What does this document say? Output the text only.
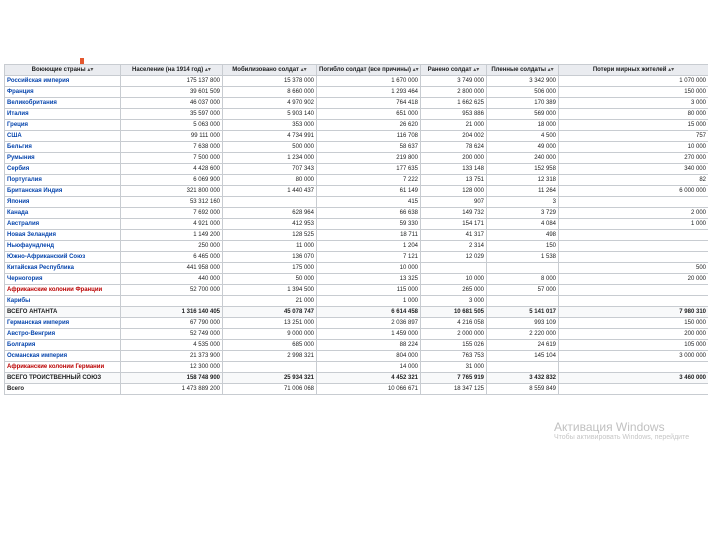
Воюющие страны ▴▾	Население (на 1914 год) ▴▾	Мобилизовано солдат ▴▾	Погибло солдат (все причины) ▴▾	Ранено солдат ▴▾	Пленные солдаты ▴▾	Потери мирных жителей ▴▾
Российская империя	175 137 800	15 378 000	1 670 000	3 749 000	3 342 900	1 070 000
Франция	39 601 509	8 660 000	1 293 464	2 800 000	506 000	150 000
Великобритания	46 037 000	4 970 902	764 418	1 662 625	170 389	3 000
Италия	35 597 000	5 903 140	651 000	953 886	569 000	80 000
Греция	5 063 000	353 000	26 620	21 000	18 000	15 000
США	99 111 000	4 734 991	116 708	204 002	4 500	757
Бельгия	7 638 000	500 000	58 637	78 624	49 000	10 000
Румыния	7 500 000	1 234 000	219 800	200 000	240 000	270 000
Сербия	4 428 600	707 343	177 635	133 148	152 958	340 000
Португалия	6 069 900	80 000	7 222	13 751	12 318	82
Британская Индия	321 800 000	1 440 437	61 149	128 000	11 264	6 000 000
Япония	53 312 160		415	907	3	
Канада	7 692 000	628 964	66 638	149 732	3 729	2 000
Австралия	4 921 000	412 953	59 330	154 171	4 084	1 000
Новая Зеландия	1 149 200	128 525	18 711	41 317	498	
Ньюфаундленд	250 000	11 000	1 204	2 314	150	
Южно-Африканский Союз	6 465 000	136 070	7 121	12 029	1 538	
Китайская Республика	441 958 000	175 000	10 000			500
Черногория	440 000	50 000	13 325	10 000	8 000	20 000
Африканские колонии Франции	52 700 000	1 394 500	115 000	265 000	57 000	
Карибы		21 000	1 000	3 000		
ВСЕГО АНТАНТА	1 316 140 405	45 078 747	6 614 458	10 681 505	5 141 017	7 980 310
Германская империя	67 790 000	13 251 000	2 036 897	4 216 058	993 109	150 000
Австро-Венгрия	52 749 000	9 000 000	1 459 000	2 000 000	2 220 000	200 000
Болгария	4 535 000	685 000	88 224	155 026	24 619	105 000
Османская империя	21 373 900	2 998 321	804 000	763 753	145 104	3 000 000
Африканские колонии Германии	12 300 000		14 000	31 000		
ВСЕГО ТРОИСТВЕННЫЙ СОЮЗ	158 748 900	25 934 321	4 452 321	7 765 919	3 432 832	3 460 000
Всего	1 473 889 200	71 006 068	10 066 671	18 347 125	8 559 849	
Активация Windows
Чтобы активировать Windows, перейдите
